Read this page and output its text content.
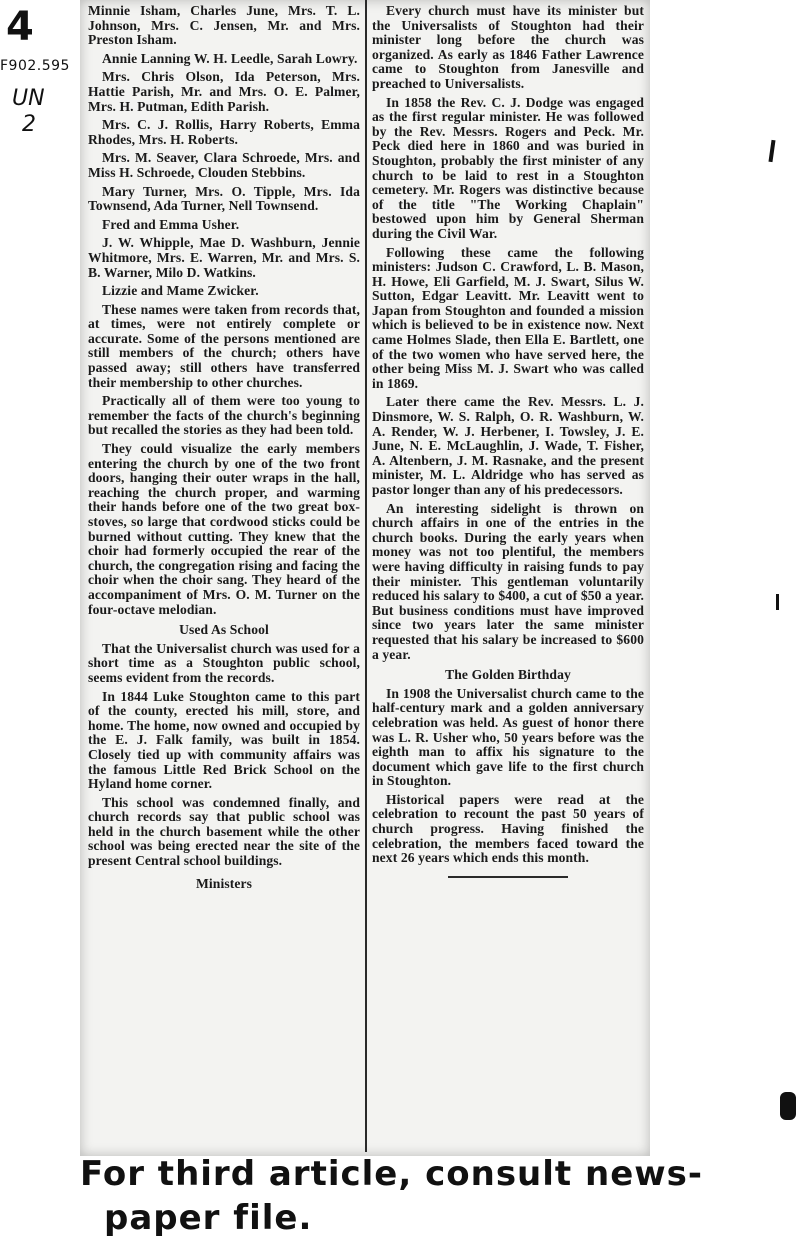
4
F902.595
UN
2

Minnie Isham, Charles June, Mrs. T. L. Johnson, Mrs. C. Jensen, Mr. and Mrs. Preston Isham.

Annie Lanning W. H. Leedle, Sarah Lowry.

Mrs. Chris Olson, Ida Peterson, Mrs. Hattie Parish, Mr. and Mrs. O. E. Palmer, Mrs. H. Putman, Edith Parish.

Mrs. C. J. Rollis, Harry Roberts, Emma Rhodes, Mrs. H. Roberts.

Mrs. M. Seaver, Clara Schroede, Mrs. and Miss H. Schroede, Clouden Stebbins.

Mary Turner, Mrs. O. Tipple, Mrs. Ida Townsend, Ada Turner, Nell Townsend.

Fred and Emma Usher.

J. W. Whipple, Mae D. Washburn, Jennie Whitmore, Mrs. E. Warren, Mr. and Mrs. S. B. Warner, Milo D. Watkins.

Lizzie and Mame Zwicker.

These names were taken from records that, at times, were not entirely complete or accurate. Some of the persons mentioned are still members of the church; others have passed away; still others have transferred their membership to other churches.

Practically all of them were too young to remember the facts of the church's beginning but recalled the stories as they had been told.

They could visualize the early members entering the church by one of the two front doors, hanging their outer wraps in the hall, reaching the church proper, and warming their hands before one of the two great box-stoves, so large that cordwood sticks could be burned without cutting. They knew that the choir had formerly occupied the rear of the church, the congregation rising and facing the choir when the choir sang. They heard of the accompaniment of Mrs. O. M. Turner on the four-octave melodian.

Used As School

That the Universalist church was used for a short time as a Stoughton public school, seems evident from the records.

In 1844 Luke Stoughton came to this part of the county, erected his mill, store, and home. The home, now owned and occupied by the E. J. Falk family, was built in 1854. Closely tied up with community affairs was the famous Little Red Brick School on the Hyland home corner.

This school was condemned finally, and church records say that public school was held in the church basement while the other school was being erected near the site of the present Central school buildings.

Ministers

Every church must have its minister but the Universalists of Stoughton had their minister long before the church was organized. As early as 1846 Father Lawrence came to Stoughton from Janesville and preached to Universalists.

In 1858 the Rev. C. J. Dodge was engaged as the first regular minister. He was followed by the Rev. Messrs. Rogers and Peck. Mr. Peck died here in 1860 and was buried in Stoughton, probably the first minister of any church to be laid to rest in a Stoughton cemetery. Mr. Rogers was distinctive because of the title "The Working Chaplain" bestowed upon him by General Sherman during the Civil War.

Following these came the following ministers: Judson C. Crawford, L. B. Mason, H. Howe, Eli Garfield, M. J. Swart, Silus W. Sutton, Edgar Leavitt. Mr. Leavitt went to Japan from Stoughton and founded a mission which is believed to be in existence now. Next came Holmes Slade, then Ella E. Bartlett, one of the two women who have served here, the other being Miss M. J. Swart who was called in 1869.

Later there came the Rev. Messrs. L. J. Dinsmore, W. S. Ralph, O. R. Washburn, W. A. Render, W. J. Herbener, I. Towsley, J. E. June, N. E. McLaughlin, J. Wade, T. Fisher, A. Altenbern, J. M. Rasnake, and the present minister, M. L. Aldridge who has served as pastor longer than any of his predecessors.

An interesting sidelight is thrown on church affairs in one of the entries in the church books. During the early years when money was not too plentiful, the members were having difficulty in raising funds to pay their minister. This gentleman voluntarily reduced his salary to $400, a cut of $50 a year. But business conditions must have improved since two years later the same minister requested that his salary be increased to $600 a year.

The Golden Birthday

In 1908 the Universalist church came to the half-century mark and a golden anniversary celebration was held. As guest of honor there was L. R. Usher who, 50 years before was the eighth man to affix his signature to the document which gave life to the first church in Stoughton.

Historical papers were read at the celebration to recount the past 50 years of church progress. Having finished the celebration, the members faced toward the next 26 years which ends this month.

For third article, consult news-
paper file.
